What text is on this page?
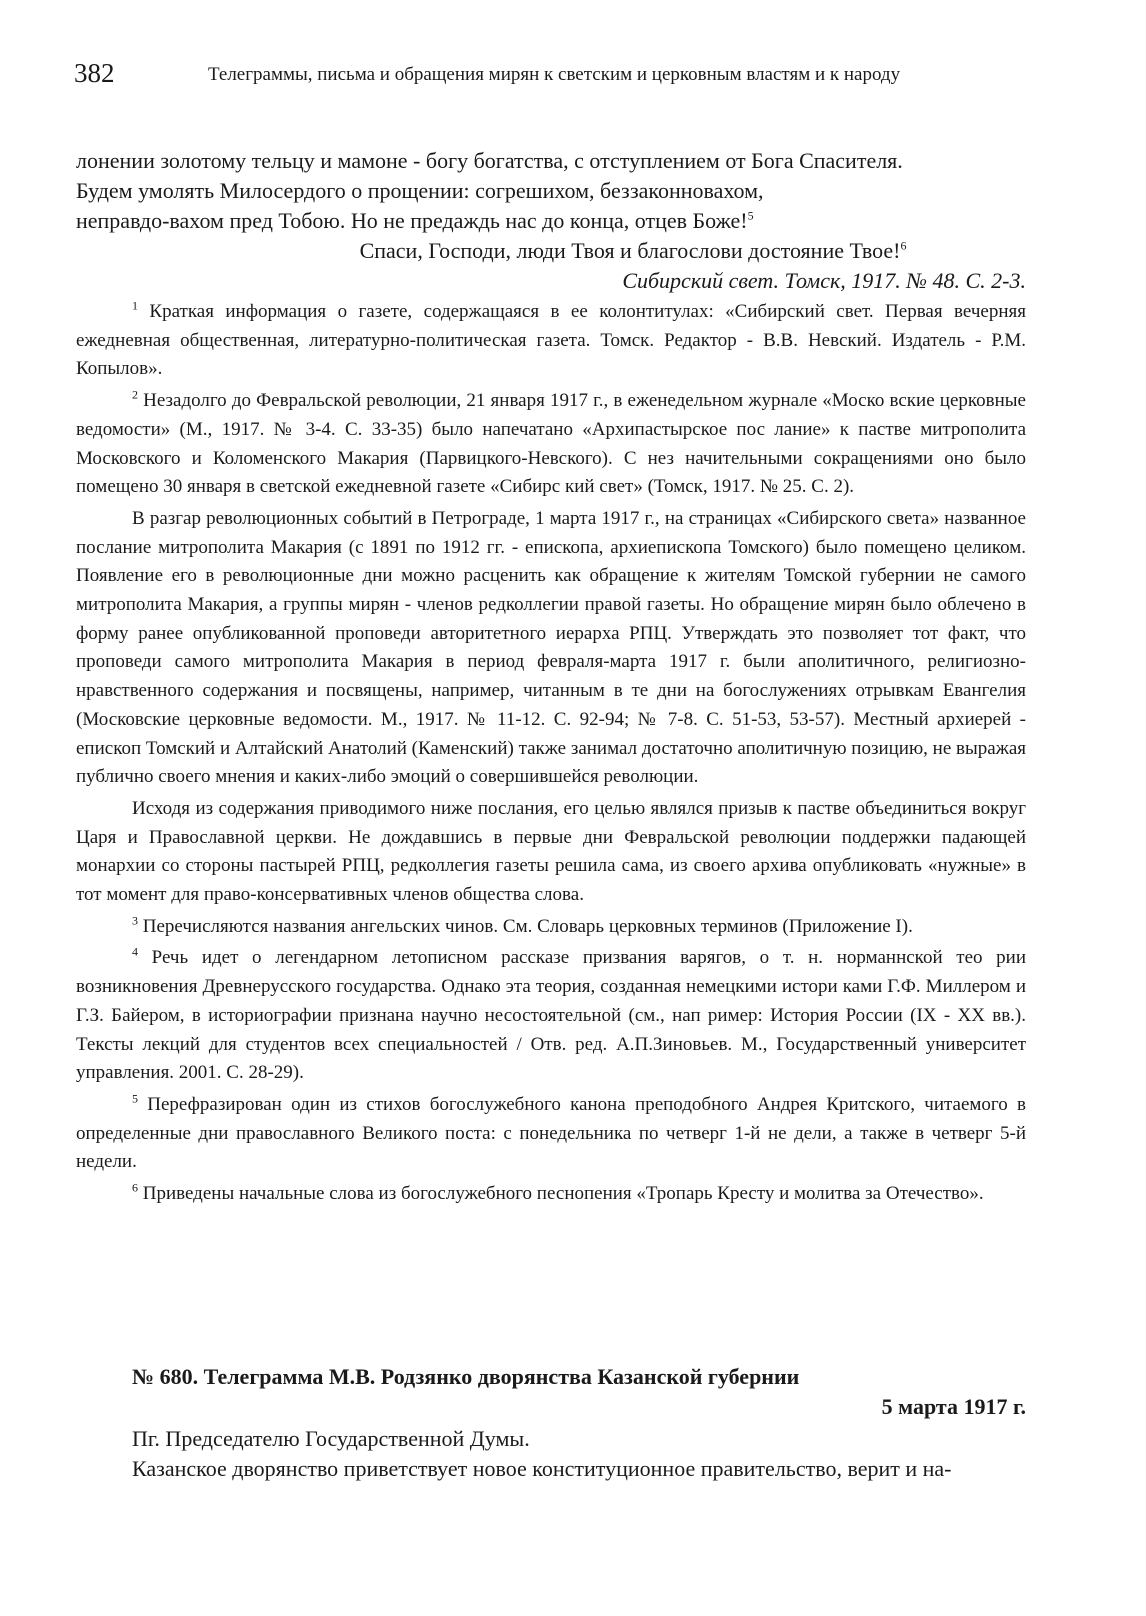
382	Телеграммы, письма и обращения мирян к светским и церковным властям и к народу

лонении золотому тельцу и мамоне - богу богатства, с отступлением от Бога Спасителя.

Будем умолять Милосердого о прощении: согрешихом, беззаконновахом,

неправдо-вахом пред Тобою. Но не предаждь нас до конца, отцев Боже!$^5$

Спаси, Господи, люди Твоя и благослови достояние Твое!$^6$

Сибирский свет. Томск, 1917. № 48. С. 2-3.

$^1$ Краткая информация о газете, содержащаяся в ее колонтитулах: «Сибирский свет. Первая вечерняя ежедневная общественная, литературно-политическая газета. Томск. Редактор - В.В. Невский. Издатель - Р.М. Копылов».

$^2$ Незадолго до Февральской революции, 21 января 1917 г., в еженедельном журнале «Моско вские церковные ведомости» (М., 1917. № 3-4. С. 33-35) было напечатано «Архипастырское пос лание» к пастве митрополита Московского и Коломенского Макария (Парвицкого-Невского). С нез начительными сокращениями оно было помещено 30 января в светской ежедневной газете «Сибирс кий свет» (Томск, 1917. № 25. С. 2).

В разгар революционных событий в Петрограде, 1 марта 1917 г., на страницах «Сибирского света» названное послание митрополита Макария (с 1891 по 1912 гг. - епископа, архиепископа Томского) было помещено целиком. Появление его в революционные дни можно расценить как обращение к жителям Томской губернии не самого митрополита Макария, а группы мирян - членов редколлегии правой газеты. Но обращение мирян было облечено в форму ранее опубликованной проповеди авторитетного иерарха РПЦ. Утверждать это позволяет тот факт, что проповеди самого митрополита Макария в период февраля-марта 1917 г. были аполитичного, религиозно-нравственного содержания и посвящены, например, читанным в те дни на богослужениях отрывкам Евангелия (Московские церковные ведомости. М., 1917. № 11-12. С. 92-94; № 7-8. С. 51-53, 53-57). Местный архиерей - епископ Томский и Алтайский Анатолий (Каменский) также занимал достаточно аполитичную позицию, не выражая публично своего мнения и каких-либо эмоций о совершившейся революции.

Исходя из содержания приводимого ниже послания, его целью являлся призыв к пастве объединиться вокруг Царя и Православной церкви. Не дождавшись в первые дни Февральской революции поддержки падающей монархии со стороны пастырей РПЦ, редколлегия газеты решила сама, из своего архива опубликовать «нужные» в тот момент для право-консервативных членов общества слова.

$^3$ Перечисляются названия ангельских чинов. См. Словарь церковных терминов (Приложение I).

$^4$ Речь идет о легендарном летописном рассказе призвания варягов, о т. н. норманнской тео рии возникновения Древнерусского государства. Однако эта теория, созданная немецкими истори ками Г.Ф. Миллером и Г.З. Байером, в историографии признана научно несостоятельной (см., нап ример: История России (IX - XX вв.). Тексты лекций для студентов всех специальностей / Отв. ред. А.П.Зиновьев. М., Государственный университет управления. 2001. С. 28-29).

$^5$ Перефразирован один из стихов богослужебного канона преподобного Андрея Критского, читаемого в определенные дни православного Великого поста: с понедельника по четверг 1-й не дели, а также в четверг 5-й недели.

$^6$ Приведены начальные слова из богослужебного песнопения «Тропарь Кресту и молитва за Отечество».

№ 680. Телеграмма М.В. Родзянко дворянства Казанской губернии

5 марта 1917 г.

Пг. Председателю Государственной Думы.

Казанское дворянство приветствует новое конституционное правительство, верит и на-
